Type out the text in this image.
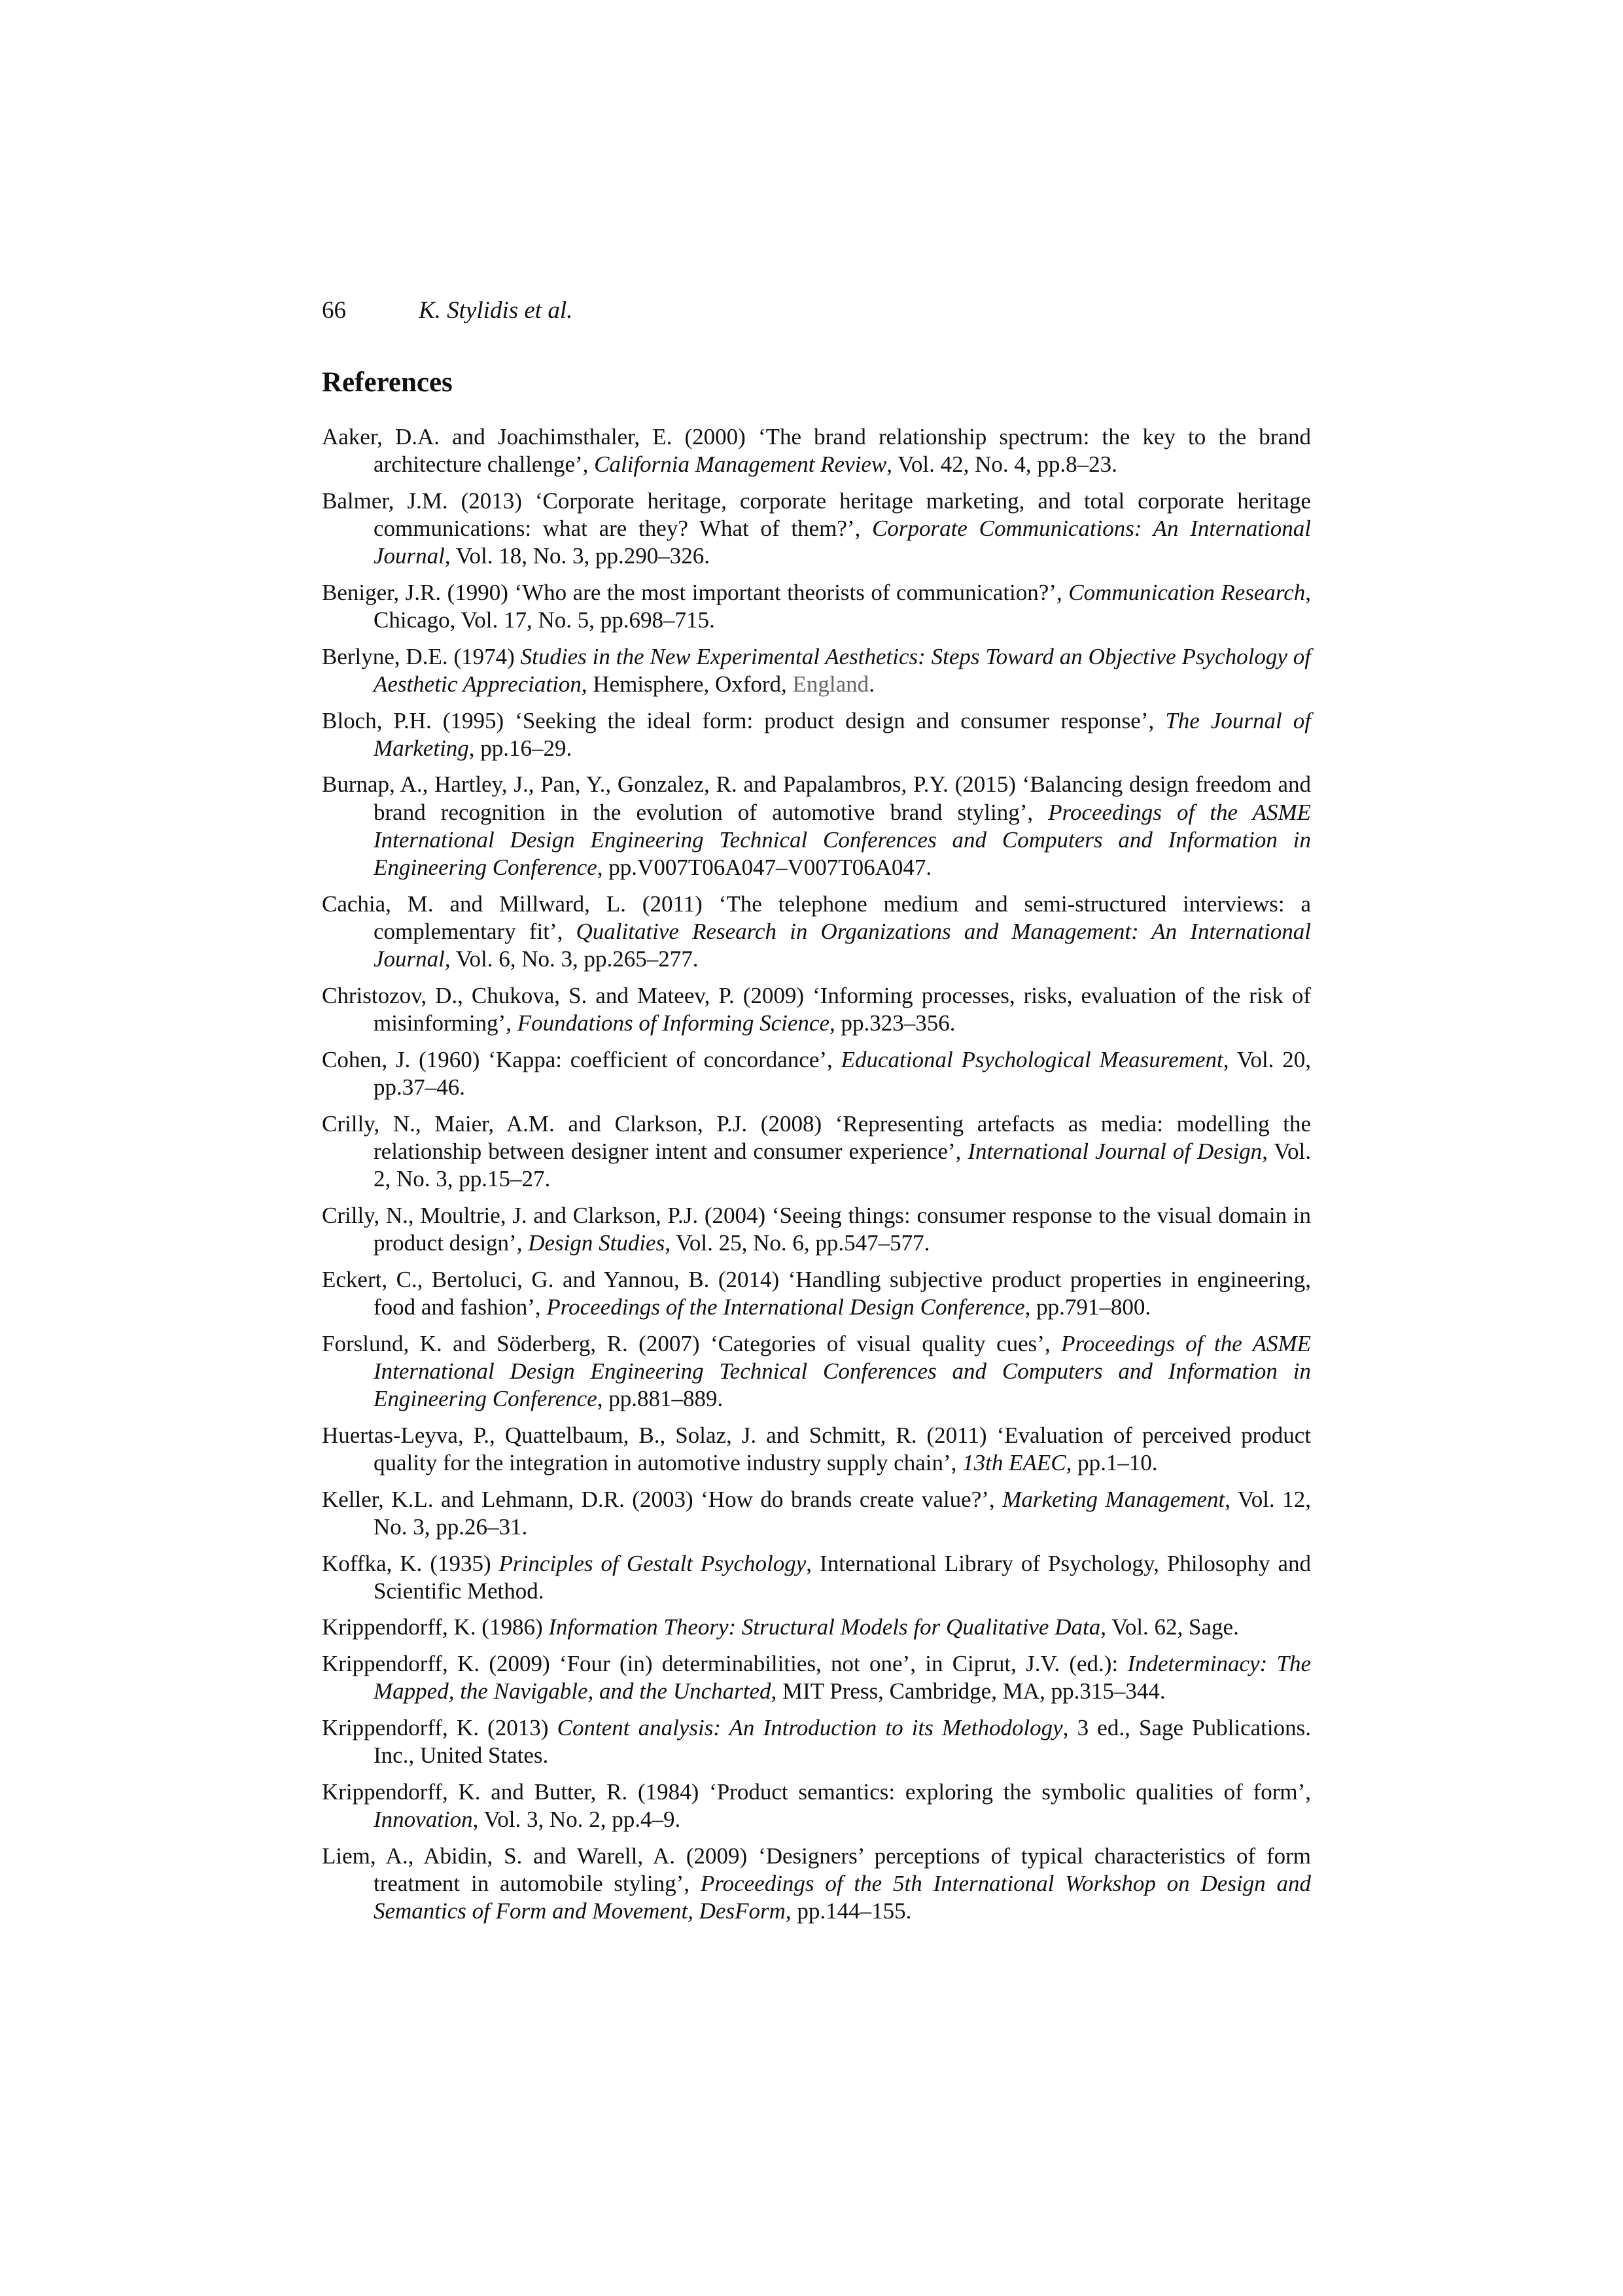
66	K. Stylidis et al.
References
Aaker, D.A. and Joachimsthaler, E. (2000) ‘The brand relationship spectrum: the key to the brand architecture challenge’, California Management Review, Vol. 42, No. 4, pp.8–23.
Balmer, J.M. (2013) ‘Corporate heritage, corporate heritage marketing, and total corporate heritage communications: what are they? What of them?’, Corporate Communications: An International Journal, Vol. 18, No. 3, pp.290–326.
Beniger, J.R. (1990) ‘Who are the most important theorists of communication?’, Communication Research, Chicago, Vol. 17, No. 5, pp.698–715.
Berlyne, D.E. (1974) Studies in the New Experimental Aesthetics: Steps Toward an Objective Psychology of Aesthetic Appreciation, Hemisphere, Oxford, England.
Bloch, P.H. (1995) ‘Seeking the ideal form: product design and consumer response’, The Journal of Marketing, pp.16–29.
Burnap, A., Hartley, J., Pan, Y., Gonzalez, R. and Papalambros, P.Y. (2015) ‘Balancing design freedom and brand recognition in the evolution of automotive brand styling’, Proceedings of the ASME International Design Engineering Technical Conferences and Computers and Information in Engineering Conference, pp.V007T06A047–V007T06A047.
Cachia, M. and Millward, L. (2011) ‘The telephone medium and semi-structured interviews: a complementary fit’, Qualitative Research in Organizations and Management: An International Journal, Vol. 6, No. 3, pp.265–277.
Christozov, D., Chukova, S. and Mateev, P. (2009) ‘Informing processes, risks, evaluation of the risk of misinforming’, Foundations of Informing Science, pp.323–356.
Cohen, J. (1960) ‘Kappa: coefficient of concordance’, Educational Psychological Measurement, Vol. 20, pp.37–46.
Crilly, N., Maier, A.M. and Clarkson, P.J. (2008) ‘Representing artefacts as media: modelling the relationship between designer intent and consumer experience’, International Journal of Design, Vol. 2, No. 3, pp.15–27.
Crilly, N., Moultrie, J. and Clarkson, P.J. (2004) ‘Seeing things: consumer response to the visual domain in product design’, Design Studies, Vol. 25, No. 6, pp.547–577.
Eckert, C., Bertoluci, G. and Yannou, B. (2014) ‘Handling subjective product properties in engineering, food and fashion’, Proceedings of the International Design Conference, pp.791–800.
Forslund, K. and Söderberg, R. (2007) ‘Categories of visual quality cues’, Proceedings of the ASME International Design Engineering Technical Conferences and Computers and Information in Engineering Conference, pp.881–889.
Huertas-Leyva, P., Quattelbaum, B., Solaz, J. and Schmitt, R. (2011) ‘Evaluation of perceived product quality for the integration in automotive industry supply chain’, 13th EAEC, pp.1–10.
Keller, K.L. and Lehmann, D.R. (2003) ‘How do brands create value?’, Marketing Management, Vol. 12, No. 3, pp.26–31.
Koffka, K. (1935) Principles of Gestalt Psychology, International Library of Psychology, Philosophy and Scientific Method.
Krippendorff, K. (1986) Information Theory: Structural Models for Qualitative Data, Vol. 62, Sage.
Krippendorff, K. (2009) ‘Four (in) determinabilities, not one’, in Ciprut, J.V. (ed.): Indeterminacy: The Mapped, the Navigable, and the Uncharted, MIT Press, Cambridge, MA, pp.315–344.
Krippendorff, K. (2013) Content analysis: An Introduction to its Methodology, 3 ed., Sage Publications. Inc., United States.
Krippendorff, K. and Butter, R. (1984) ‘Product semantics: exploring the symbolic qualities of form’, Innovation, Vol. 3, No. 2, pp.4–9.
Liem, A., Abidin, S. and Warell, A. (2009) ‘Designers’ perceptions of typical characteristics of form treatment in automobile styling’, Proceedings of the 5th International Workshop on Design and Semantics of Form and Movement, DesForm, pp.144–155.
